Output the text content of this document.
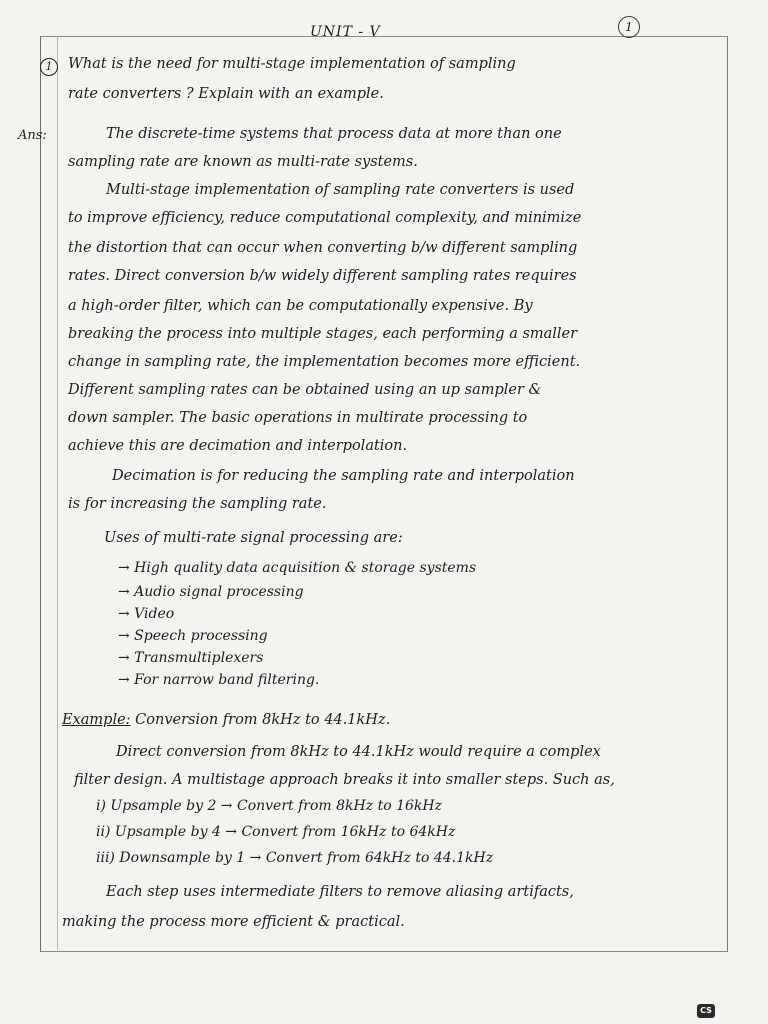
UNIT - V	1
1	What is the need for multi-stage implementation of sampling
rate converters ? Explain with an example.
Ans:	The discrete-time systems that process data at more than one
sampling rate are known as multi-rate systems.
Multi-stage implementation of sampling rate converters is used
to improve efficiency, reduce computational complexity, and minimize
the distortion that can occur when converting b/w different sampling
rates. Direct conversion b/w widely different sampling rates requires
a high-order filter, which can be computationally expensive. By
breaking the process into multiple stages, each performing a smaller
change in sampling rate, the implementation becomes more efficient.
Different sampling rates can be obtained using an up sampler &
down sampler. The basic operations in multirate processing to
achieve this are decimation and interpolation.
Decimation is for reducing the sampling rate and interpolation
is for increasing the sampling rate.
Uses of multi-rate signal processing are:
→ High quality data acquisition & storage systems
→ Audio signal processing
→ Video
→ Speech processing
→ Transmultiplexers
→ For narrow band filtering.
Example: Conversion from 8kHz to 44.1kHz.
Direct conversion from 8kHz to 44.1kHz would require a complex
filter design. A multistage approach breaks it into smaller steps. Such as,
i) Upsample by 2 → Convert from 8kHz to 16kHz
ii) Upsample by 4 → Convert from 16kHz to 64kHz
iii) Downsample by 1 → Convert from 64kHz to 44.1kHz
Each step uses intermediate filters to remove aliasing artifacts,
making the process more efficient & practical.
CS
